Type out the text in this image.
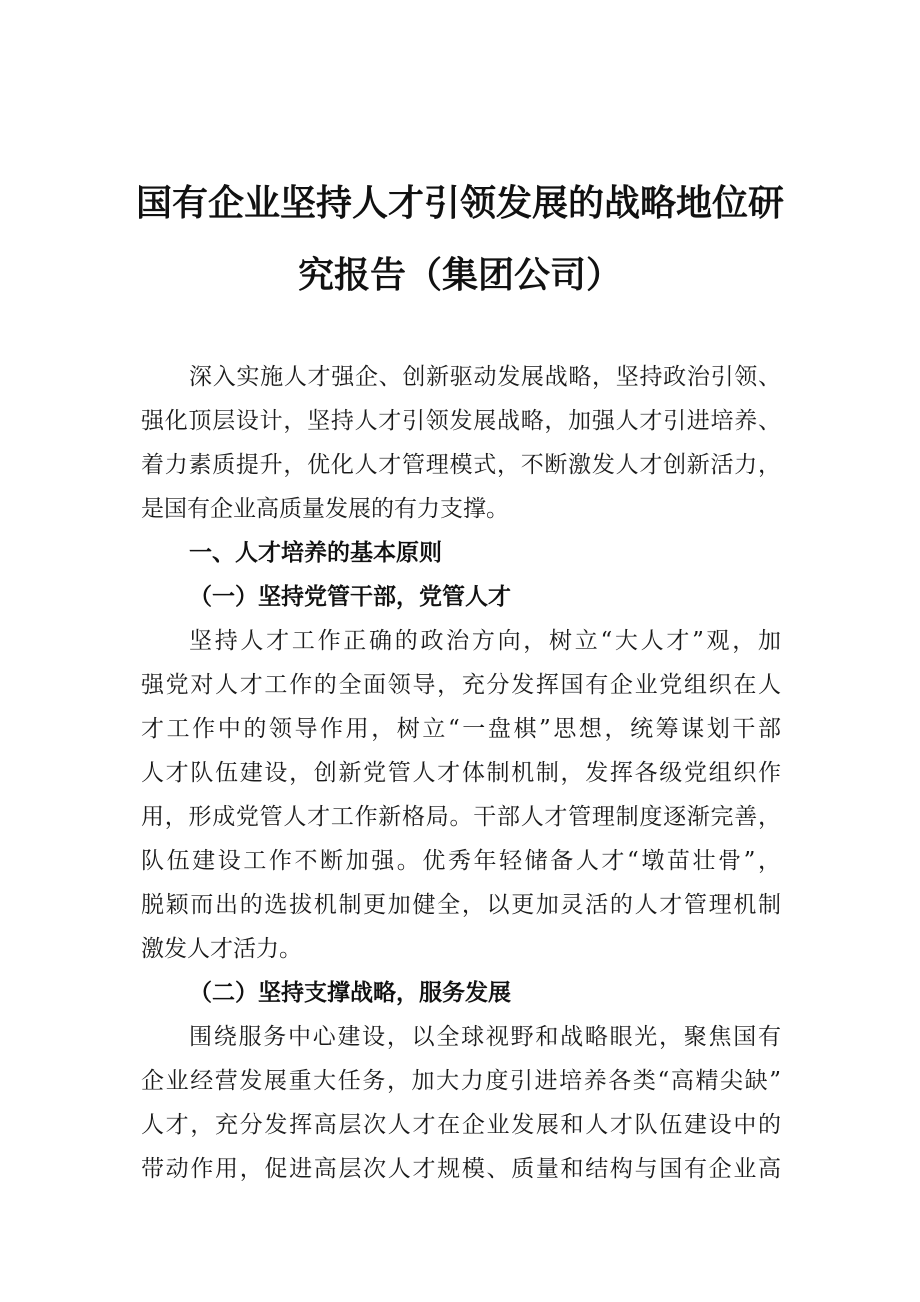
国有企业坚持人才引领发展的战略地位研
究报告（集团公司）
深入实施人才强企、创新驱动发展战略，坚持政治引领、
强化顶层设计，坚持人才引领发展战略，加强人才引进培养、
着力素质提升，优化人才管理模式，不断激发人才创新活力，
是国有企业高质量发展的有力支撑。
一、人才培养的基本原则
（一）坚持党管干部，党管人才
坚持人才工作正确的政治方向，树立“大人才”观，加
强党对人才工作的全面领导，充分发挥国有企业党组织在人
才工作中的领导作用，树立“一盘棋”思想，统筹谋划干部
人才队伍建设，创新党管人才体制机制，发挥各级党组织作
用，形成党管人才工作新格局。干部人才管理制度逐渐完善，
队伍建设工作不断加强。优秀年轻储备人才“墩苗壮骨”，
脱颖而出的选拔机制更加健全，以更加灵活的人才管理机制
激发人才活力。
（二）坚持支撑战略，服务发展
围绕服务中心建设，以全球视野和战略眼光，聚焦国有
企业经营发展重大任务，加大力度引进培养各类“高精尖缺”
人才，充分发挥高层次人才在企业发展和人才队伍建设中的
带动作用，促进高层次人才规模、质量和结构与国有企业高
